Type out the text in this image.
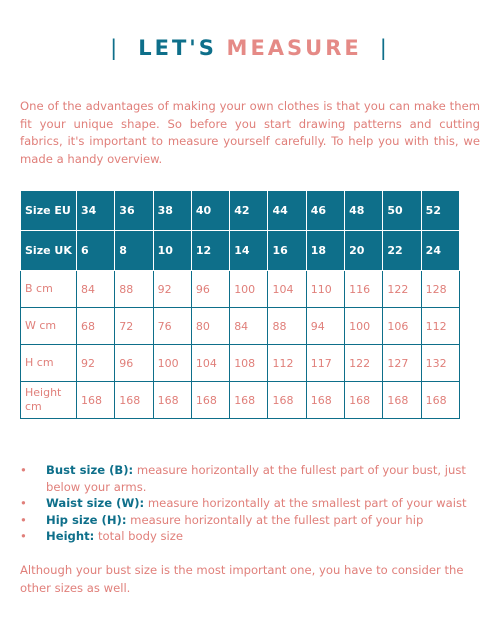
| LET'S MEASURE |
One of the advantages of making your own clothes is that you can make them fit your unique shape. So before you start drawing patterns and cutting fabrics, it's important to measure yourself carefully. To help you with this, we made a handy overview.
Size EU	34	36	38	40	42	44	46	48	50	52
Size UK	6	8	10	12	14	16	18	20	22	24
B cm	84	88	92	96	100	104	110	116	122	128
W cm	68	72	76	80	84	88	94	100	106	112
H cm	92	96	100	104	108	112	117	122	127	132
Height cm	168	168	168	168	168	168	168	168	168	168
• Bust size (B): measure horizontally at the fullest part of your bust, just below your arms.
• Waist size (W): measure horizontally at the smallest part of your waist
• Hip size (H): measure horizontally at the fullest part of your hip
• Height: total body size
Although your bust size is the most important one, you have to consider the other sizes as well.
